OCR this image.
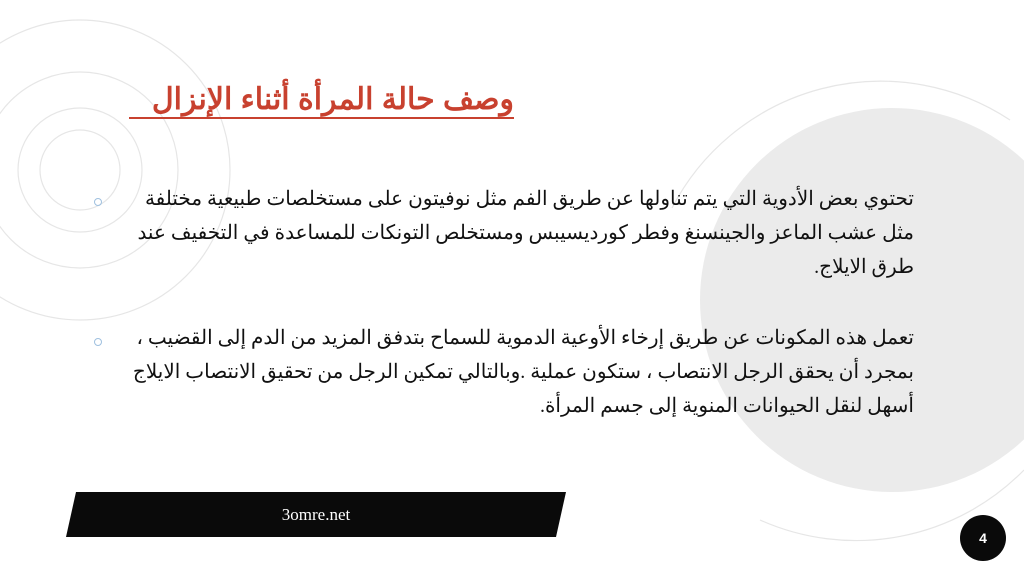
وصف حالة المرأة أثناء الإنزال
تحتوي بعض الأدوية التي يتم تناولها عن طريق الفم مثل نوفيتون على مستخلصات طبيعية مختلفة مثل عشب الماعز والجينسنغ وفطر كورديسيبس ومستخلص التونكات للمساعدة في التخفيف عند طرق الايلاج.
تعمل هذه المكونات عن طريق إرخاء الأوعية الدموية للسماح بتدفق المزيد من الدم إلى القضيب ، بمجرد أن يحقق الرجل الانتصاب ، ستكون عملية .وبالتالي تمكين الرجل من تحقيق الانتصاب الايلاج أسهل لنقل الحيوانات المنوية إلى جسم المرأة.
3omre.net
4
